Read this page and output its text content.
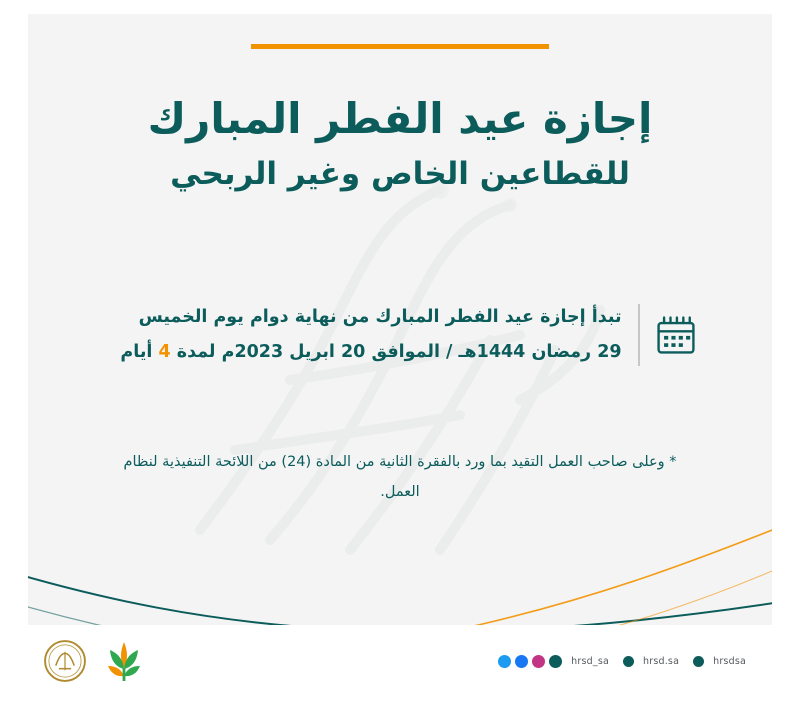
إجازة عيد الفطر المبارك
للقطاعين الخاص وغير الربحي
تبدأ إجازة عيد الفطر المبارك من نهاية دوام يوم الخميس
29 رمضان 1444هـ / الموافق 20 ابريل 2023م لمدة 4 أيام
* وعلى صاحب العمل التقيد بما ورد بالفقرة الثانية من المادة (24) من اللائحة التنفيذية لنظام العمل.
hrsd_sa	hrsd.sa	hrsdsa
